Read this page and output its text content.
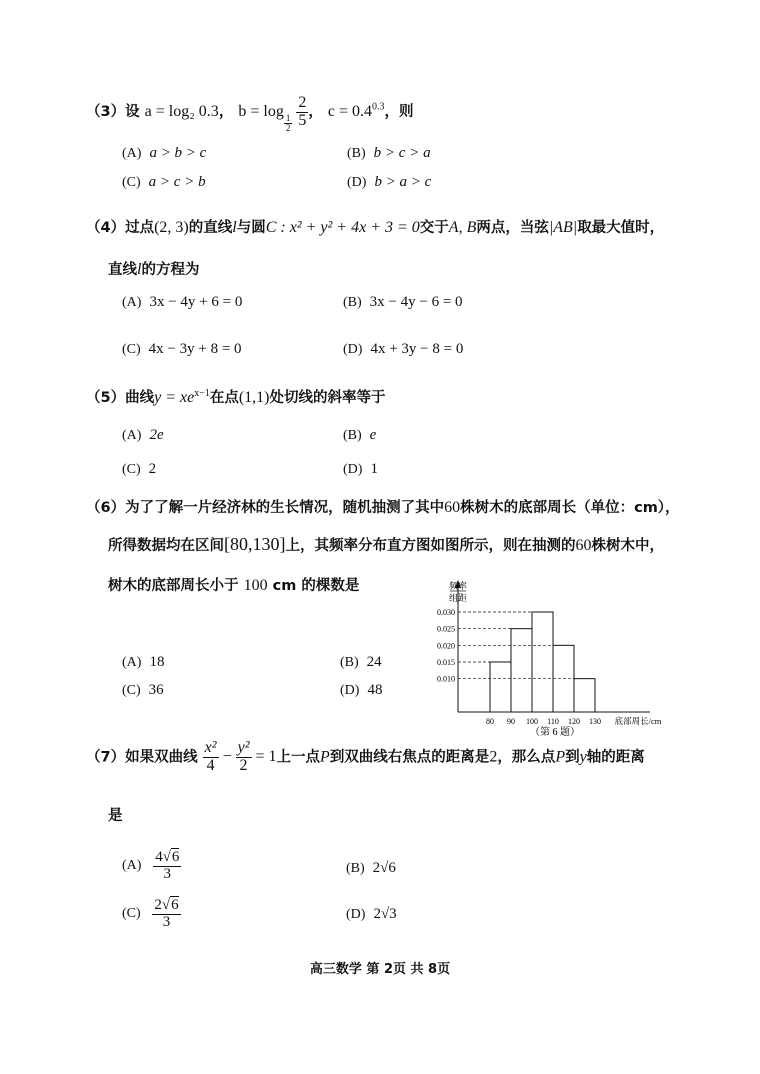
（3）设 a = log₂ 0.3， b = log
$_{\frac{1}{2}}$
$\frac{2}{5}$ ， $c = 0.4^{0.3}$，则
(A) a > b > c	(B) b > c > a
(C) a > c > b	(D) b > a > c
（4）过点(2, 3)的直线l与圆C : x² + y² + 4x + 3 = 0交于A, B两点，当弦|AB|取最大值时，
直线l的方程为
(A) 3x − 4y + 6 = 0	(B) 3x − 4y − 6 = 0
(C) 4x − 3y + 8 = 0	(D) 4x + 3y − 8 = 0
（5）曲线$y = xe^{x-1}$在点(1,1)处切线的斜率等于
(A) 2e	(B) e
(C) 2	(D) 1
（6）为了了解一片经济林的生长情况，随机抽测了其中60株树木的底部周长（单位：cm），
所得数据均在区间[80,130]上，其频率分布直方图如图所示，则在抽测的60株树木中，
树木的底部周长小于 100 cm 的棵数是
(A) 18	(B) 24
(C) 36	(D) 48
0.030
0.025
0.020
0.015
0.010
80 90 100 110 120 130
频率
组距
底部周长/cm
（第 6 题）
（7）如果双曲线 $\frac{\text{x²}}{4} - \frac{\text{y²}}{2} = 1$上一点P到双曲线右焦点的距离是2，那么点P到y轴的距离
是
$(A) \frac{4√6}{3}$	(B) 2√6
$(C) \frac{2√6}{3}$	(D) 2√3
高三数学 第 2页 共 8页
